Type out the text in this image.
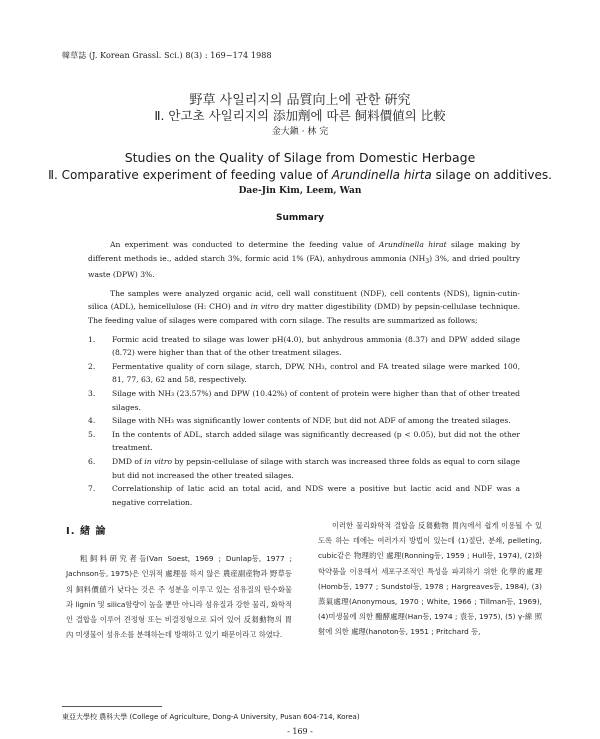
韓草誌 (J. Korean Grassl. Sci.) 8(3) : 169~174 1988
野草 사일리지의 品質向上에 관한 硏究
Ⅱ. 안고초 사일리지의 添加劑에 따른 飼料價値의 比較
金大鎭 · 林 完
Studies on the Quality of Silage from Domestic Herbage
Ⅱ. Comparative experiment of feeding value of Arundinella hirta silage on additives.
Dae-Jin Kim, Leem, Wan
Summary

An experiment was conducted to determine the feeding value of Arundinella hirat silage making by different methods ie., added starch 3%, formic acid 1% (FA), anhydrous ammonia $(NH_3)$ 3%, and dried poultry waste (DPW) 3%.

The samples were analyzed organic acid, cell wall constituent (NDF), cell contents (NDS), lignin-cutin-silica (ADL), hemicellulose (H: CHO) and in vitro dry matter digestibility (DMD) by pepsin-cellulase technique. The feeding value of silages were compared with corn silage. The results are summarized as follows;

1. Formic acid treated to silage was lower pH(4.0), but anhydrous ammonia (8.37) and DPW added silage (8.72) were higher than that of the other treatment silages.
2. Fermentative quality of corn silage, starch, DPW, NH₃, control and FA treated silage were marked 100, 81, 77, 63, 62 and 58, respectively.
3. Silage with NH₃ (23.57%) and DPW (10.42%) of content of protein were higher than that of other treated silages.
4. Silage with NH₃ was significantly lower contents of NDF, but did not ADF of among the treated silages.
5. In the contents of ADL, starch added silage was significantly decreased (p < 0.05), but did not the other treatment.
6. DMD of in vitro by pepsin-cellulase of silage with starch was increased three folds as equal to corn silage but did not increased the other treated silages.
7. Correlationship of latic acid an total acid, and NDS were a positive but lactic acid and NDF was a negative correlation.
Ⅰ. 緖 論

粗飼料硏究者들(Van Soest, 1969 ; Dunlap등, 1977 ; Jachnson등, 1975)은 인위적 處理를 하지 않은 農産副産物과 野草등의 飼料價値가 낮다는 것은 주 성분을 이루고 있는 섬유질의 탄수화물과 lignin 및 silica함량이 높을 뿐만 아니라 섬유질과 강한 물리, 화학적인 결합을 이루어 견정형 또는 비결정형으로 되어 있어 反芻動物의 胃內 미생물이 섬유소를 분해하는데 방해하고 있기 때문이라고 하였다.

이러한 물리화학적 결합을 反芻動物 胃內에서 쉽게 이용될 수 있도록 하는 데에는 여러가지 방법이 있는데 (1)절단, 분쇄, pelleting, cubic같은 物理的인 處理(Ronning등, 1959 ; Hull등, 1974), (2)화학약품을 이용해서 세포구조적인 특성을 파괴하기 위한 化學的處理(Homb등, 1977 ; Sundstol등, 1978 ; Hargreaves등, 1984), (3)蒸氣處理(Anonymous, 1970 ; White, 1966 ; Tillman등, 1969),(4)미생물에 의한 醱酵處理(Han등, 1974 ; 袁등, 1975), (5) γ-線 照射에 의한 處理(hanoton등, 1951 ; Pritchard 등,

東亞大學校 農科大學 (College of Agriculture, Dong-A University, Pusan 604-714, Korea)
- 169 -
